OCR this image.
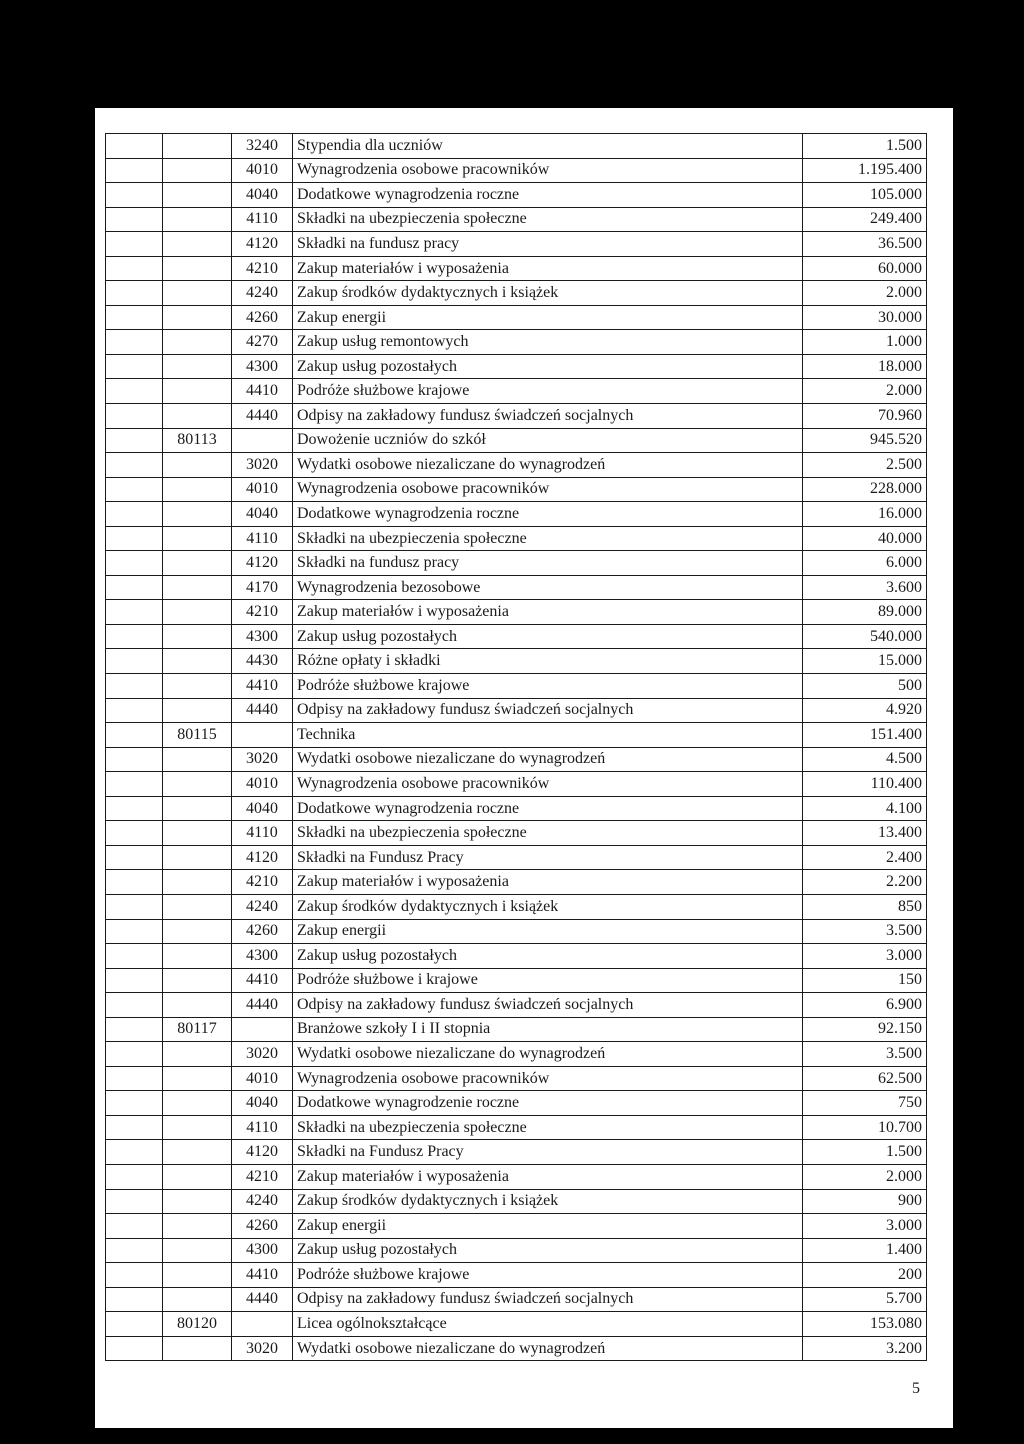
		3240	Stypendia dla uczniów	1.500
		4010	Wynagrodzenia osobowe pracowników	1.195.400
		4040	Dodatkowe wynagrodzenia roczne	105.000
		4110	Składki na ubezpieczenia społeczne	249.400
		4120	Składki na fundusz pracy	36.500
		4210	Zakup materiałów i wyposażenia	60.000
		4240	Zakup środków dydaktycznych i książek	2.000
		4260	Zakup energii	30.000
		4270	Zakup usług remontowych	1.000
		4300	Zakup usług pozostałych	18.000
		4410	Podróże służbowe krajowe	2.000
		4440	Odpisy na zakładowy fundusz świadczeń socjalnych	70.960
	80113		Dowożenie uczniów do szkół	945.520
		3020	Wydatki osobowe niezaliczane do wynagrodzeń	2.500
		4010	Wynagrodzenia osobowe pracowników	228.000
		4040	Dodatkowe wynagrodzenia roczne	16.000
		4110	Składki na ubezpieczenia społeczne	40.000
		4120	Składki na fundusz pracy	6.000
		4170	Wynagrodzenia bezosobowe	3.600
		4210	Zakup materiałów i wyposażenia	89.000
		4300	Zakup usług pozostałych	540.000
		4430	Różne opłaty i składki	15.000
		4410	Podróże służbowe krajowe	500
		4440	Odpisy na zakładowy fundusz świadczeń socjalnych	4.920
	80115		Technika	151.400
		3020	Wydatki osobowe niezaliczane do wynagrodzeń	4.500
		4010	Wynagrodzenia osobowe pracowników	110.400
		4040	Dodatkowe wynagrodzenia roczne	4.100
		4110	Składki na ubezpieczenia społeczne	13.400
		4120	Składki na Fundusz Pracy	2.400
		4210	Zakup materiałów i wyposażenia	2.200
		4240	Zakup środków dydaktycznych i książek	850
		4260	Zakup energii	3.500
		4300	Zakup usług pozostałych	3.000
		4410	Podróże służbowe i krajowe	150
		4440	Odpisy na zakładowy fundusz świadczeń socjalnych	6.900
	80117		Branżowe szkoły I i II stopnia	92.150
		3020	Wydatki osobowe niezaliczane do wynagrodzeń	3.500
		4010	Wynagrodzenia osobowe pracowników	62.500
		4040	Dodatkowe wynagrodzenie roczne	750
		4110	Składki na ubezpieczenia społeczne	10.700
		4120	Składki na Fundusz Pracy	1.500
		4210	Zakup materiałów i wyposażenia	2.000
		4240	Zakup środków dydaktycznych i książek	900
		4260	Zakup energii	3.000
		4300	Zakup usług pozostałych	1.400
		4410	Podróże służbowe krajowe	200
		4440	Odpisy na zakładowy fundusz świadczeń socjalnych	5.700
	80120		Licea ogólnokształcące	153.080
		3020	Wydatki osobowe niezaliczane do wynagrodzeń	3.200
5
